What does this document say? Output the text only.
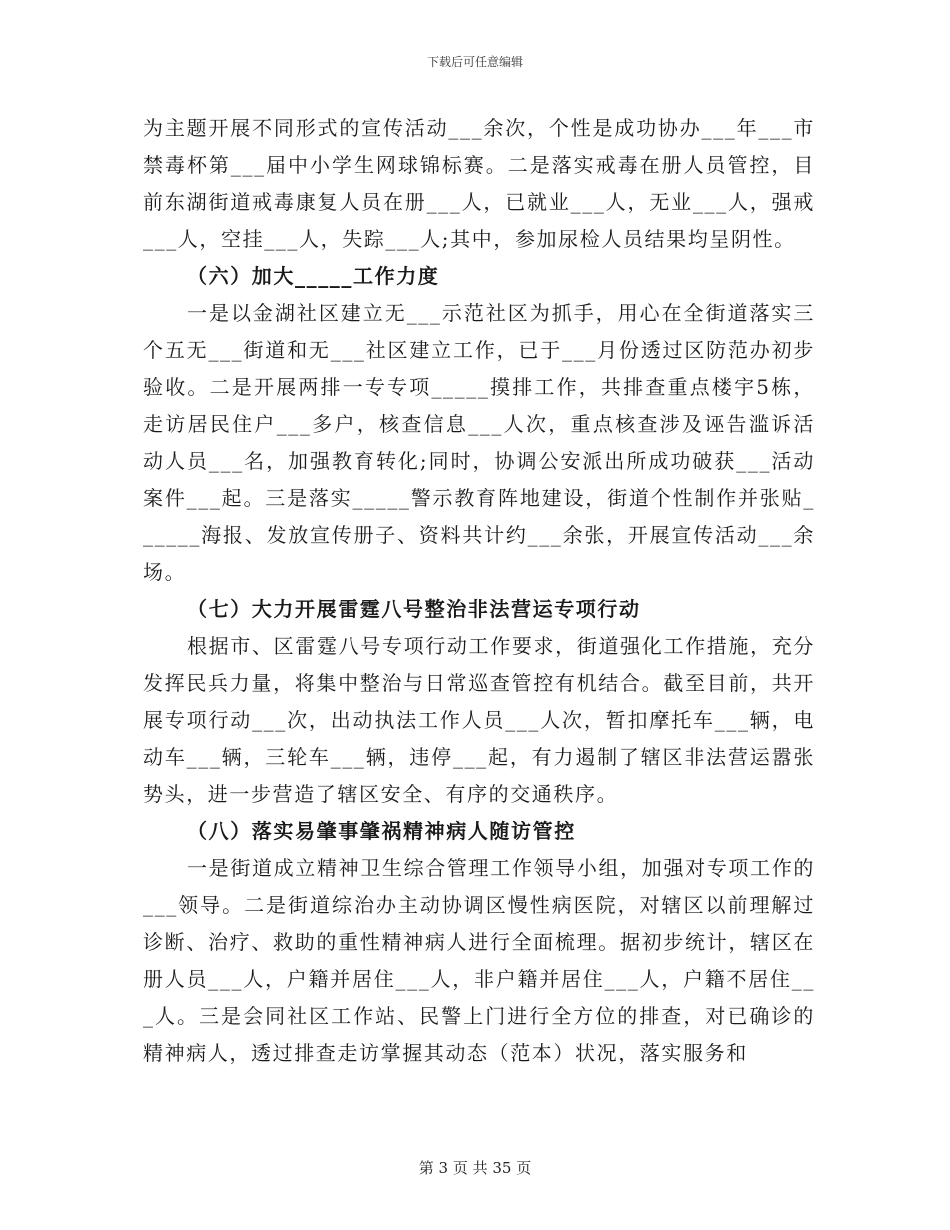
下载后可任意编辑

为主题开展不同形式的宣传活动___余次，个性是成功协办___年___市禁毒杯第___届中小学生网球锦标赛。二是落实戒毒在册人员管控，目前东湖街道戒毒康复人员在册___人，已就业___人，无业___人，强戒___人，空挂___人，失踪___人;其中，参加尿检人员结果均呈阴性。

（六）加大_____工作力度

一是以金湖社区建立无___示范社区为抓手，用心在全街道落实三个五无___街道和无___社区建立工作，已于___月份透过区防范办初步验收。二是开展两排一专专项_____摸排工作，共排查重点楼宇5栋，走访居民住户___多户，核查信息___人次，重点核查涉及诬告滥诉活动人员___名，加强教育转化;同时，协调公安派出所成功破获___活动案件___起。三是落实_____警示教育阵地建设，街道个性制作并张贴______海报、发放宣传册子、资料共计约___余张，开展宣传活动___余场。

（七）大力开展雷霆八号整治非法营运专项行动

根据市、区雷霆八号专项行动工作要求，街道强化工作措施，充分发挥民兵力量，将集中整治与日常巡查管控有机结合。截至目前，共开展专项行动___次，出动执法工作人员___人次，暂扣摩托车___辆，电动车___辆，三轮车___辆，违停___起，有力遏制了辖区非法营运嚣张势头，进一步营造了辖区安全、有序的交通秩序。

（八）落实易肇事肇祸精神病人随访管控

一是街道成立精神卫生综合管理工作领导小组，加强对专项工作的___领导。二是街道综治办主动协调区慢性病医院，对辖区以前理解过诊断、治疗、救助的重性精神病人进行全面梳理。据初步统计，辖区在册人员___人，户籍并居住___人，非户籍并居住___人，户籍不居住___人。三是会同社区工作站、民警上门进行全方位的排查，对已确诊的精神病人，透过排查走访掌握其动态（范本）状况，落实服务和

第 3 页 共 35 页
